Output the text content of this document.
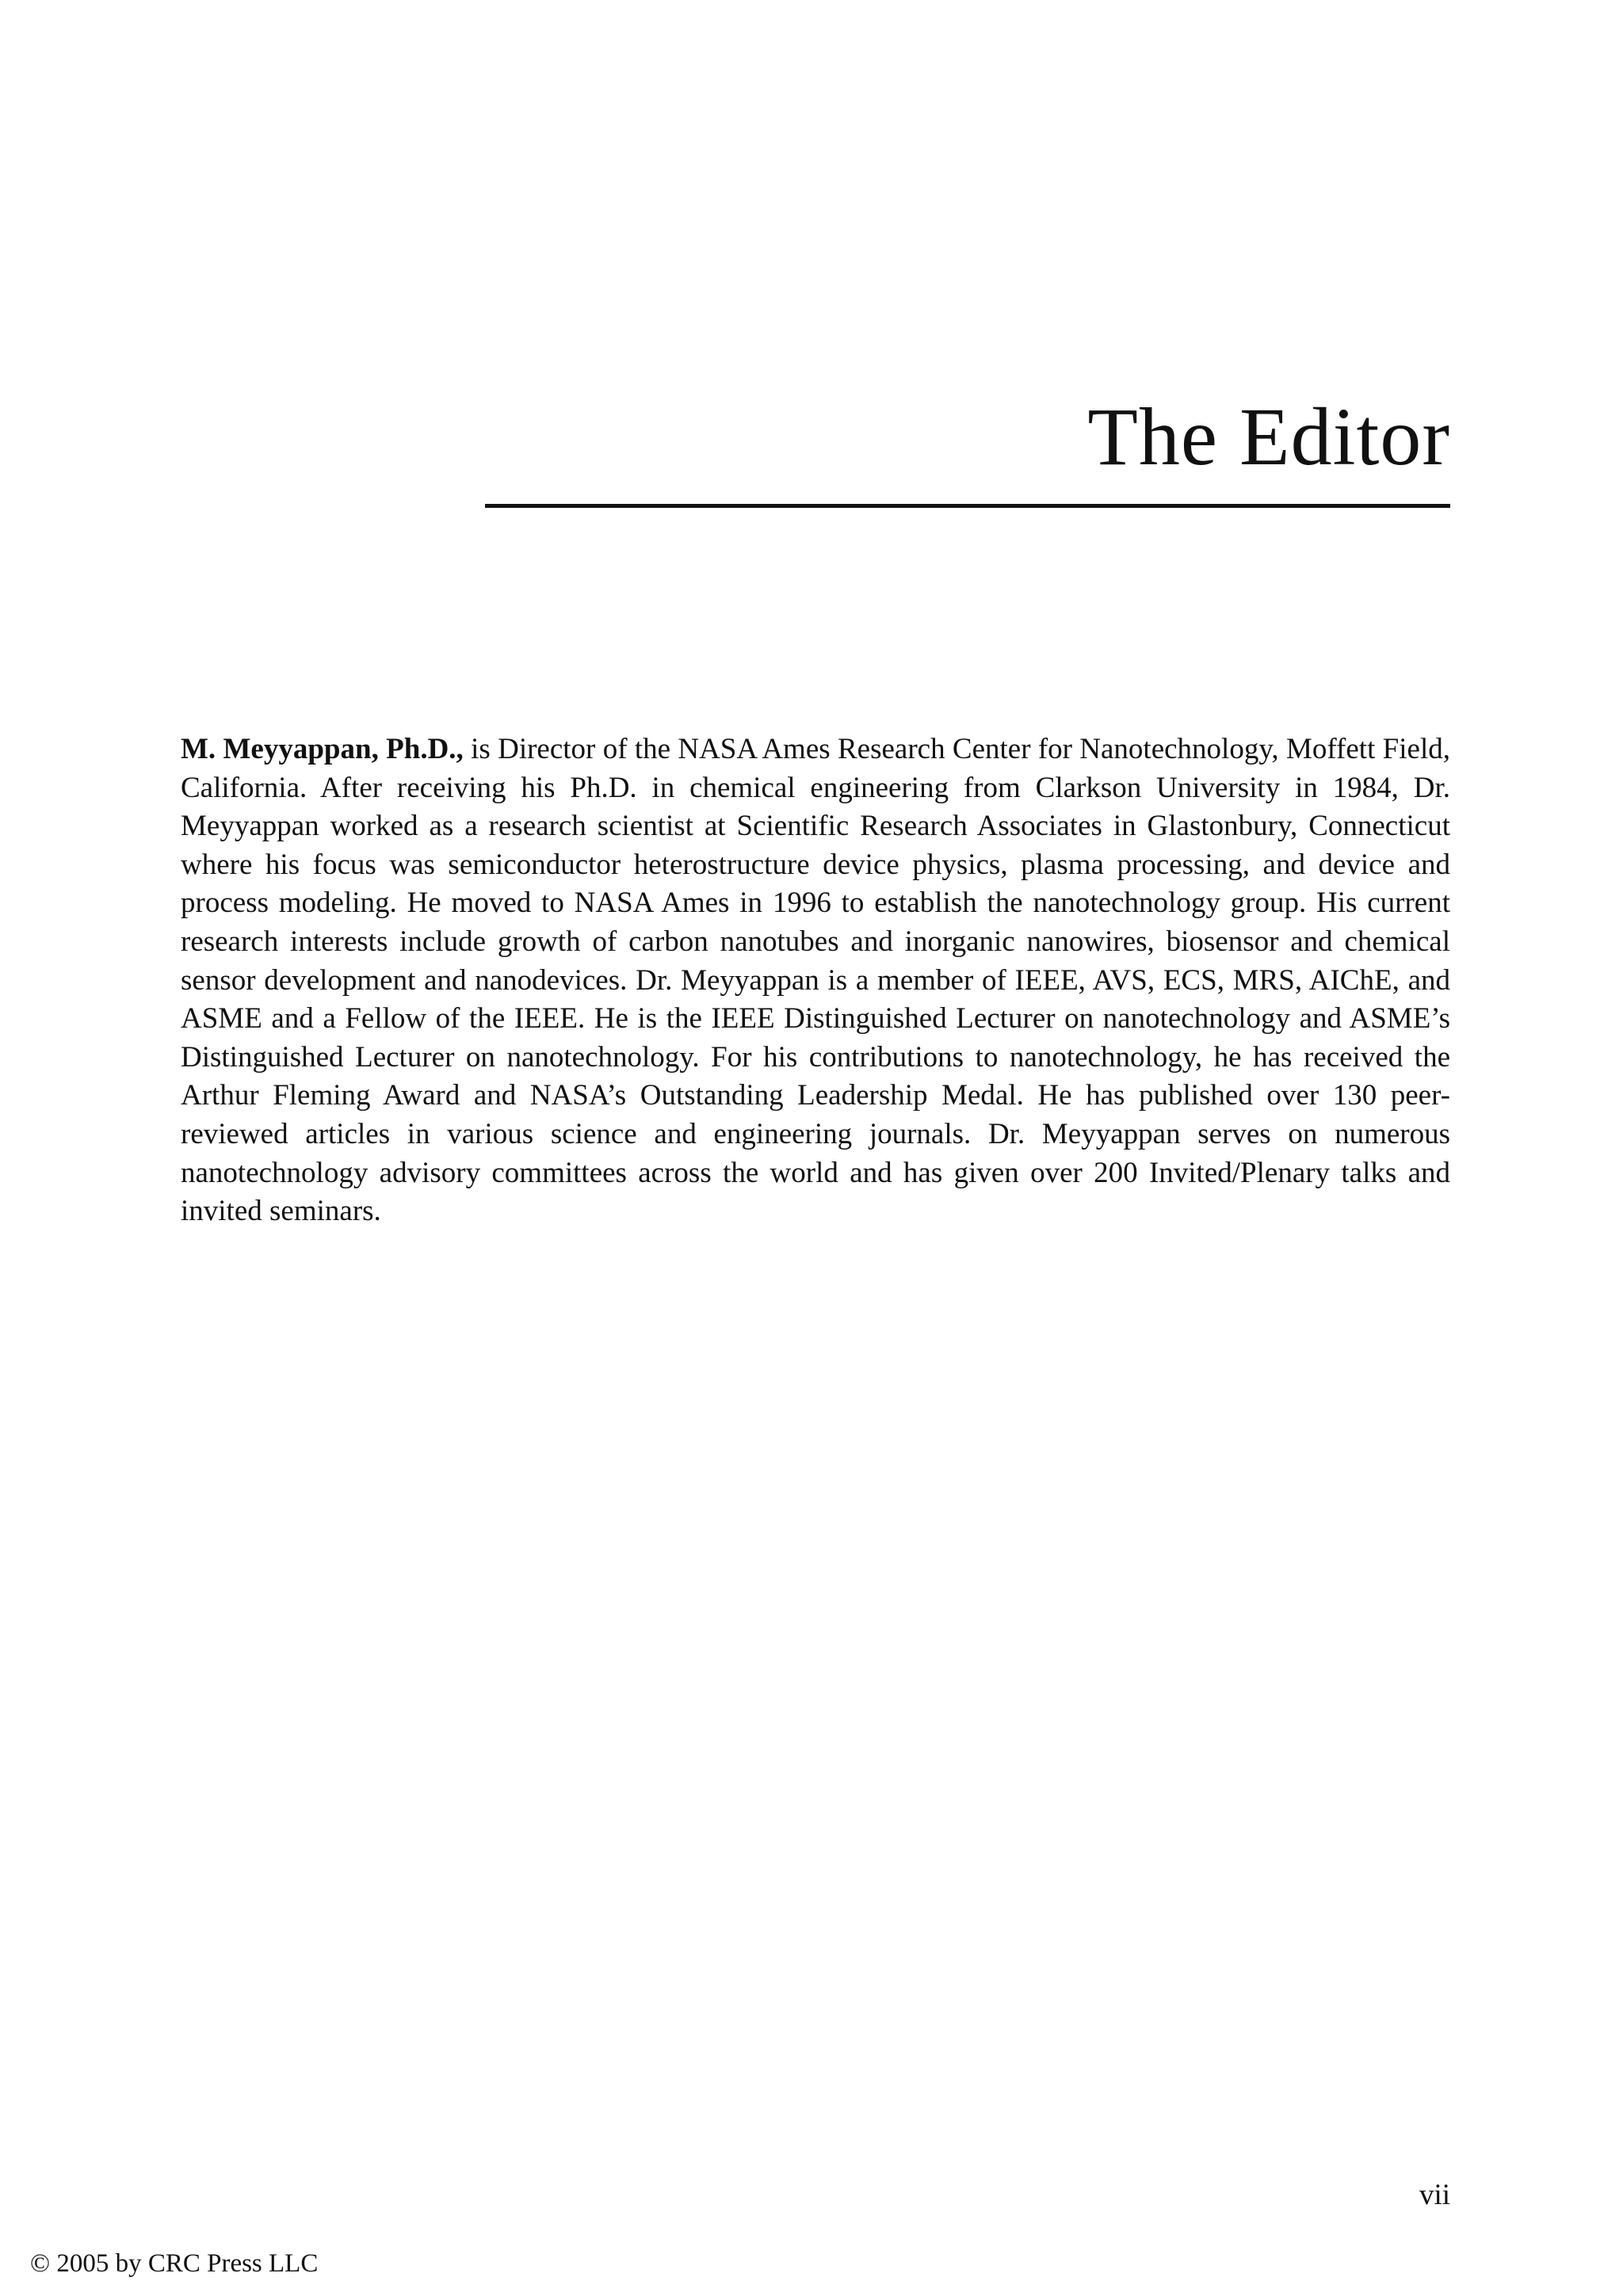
The Editor

M. Meyyappan, Ph.D., is Director of the NASA Ames Research Center for Nanotechnology, Moffett Field, California. After receiving his Ph.D. in chemical engineering from Clarkson University in 1984, Dr. Meyyappan worked as a research scientist at Scientific Research Associates in Glastonbury, Connecticut where his focus was semiconductor heterostructure device physics, plasma processing, and device and process modeling. He moved to NASA Ames in 1996 to establish the nanotechnology group. His current research interests include growth of carbon nanotubes and inorganic nanowires, biosensor and chemical sensor development and nanodevices. Dr. Meyyappan is a member of IEEE, AVS, ECS, MRS, AIChE, and ASME and a Fellow of the IEEE. He is the IEEE Distinguished Lecturer on nanotechnology and ASME’s Distinguished Lecturer on nanotechnology. For his contributions to nanotechnology, he has received the Arthur Fleming Award and NASA’s Outstanding Leadership Medal. He has published over 130 peer-reviewed articles in various science and engineering journals. Dr. Meyyappan serves on numerous nanotechnology advisory committees across the world and has given over 200 Invited/Plenary talks and invited seminars.

vii
© 2005 by CRC Press LLC
